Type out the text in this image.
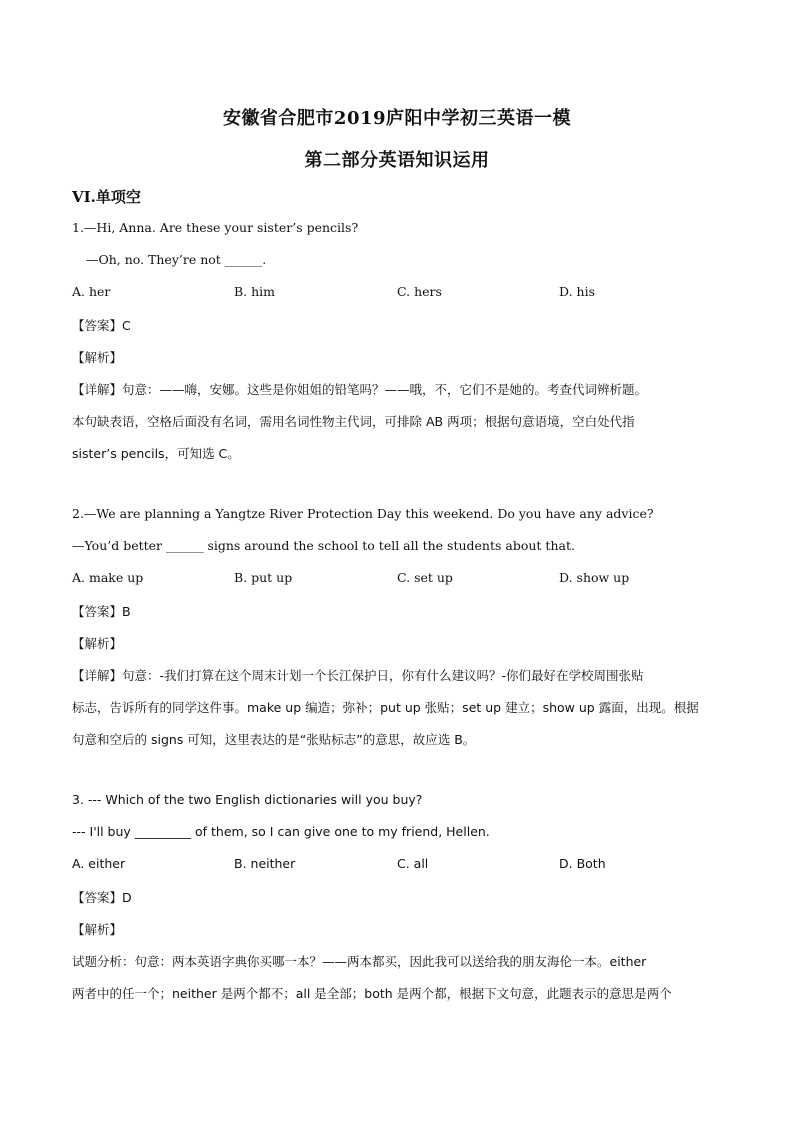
安徽省合肥市2019庐阳中学初三英语一模
第二部分英语知识运用
VI.单项空
1.—Hi, Anna. Are these your sister’s pencils?
—Oh, no. They’re not ______.
A. her	B. him	C. hers	D. his
【答案】C
【解析】
【详解】句意：——嗨，安娜。这些是你姐姐的铅笔吗？——哦，不，它们不是她的。考查代词辨析题。
本句缺表语，空格后面没有名词，需用名词性物主代词，可排除 AB 两项；根据句意语境，空白处代指
sister’s pencils，可知选 C。
2.—We are planning a Yangtze River Protection Day this weekend. Do you have any advice?
—You’d better ______ signs around the school to tell all the students about that.
A. make up	B. put up	C. set up	D. show up
【答案】B
【解析】
【详解】句意：-我们打算在这个周末计划一个长江保护日，你有什么建议吗？-你们最好在学校周围张贴
标志，告诉所有的同学这件事。make up 编造；弥补；put up 张贴；set up 建立；show up 露面，出现。根据
句意和空后的 signs 可知，这里表达的是“张贴标志”的意思，故应选 B。
3. --- Which of the two English dictionaries will you buy?
--- I'll buy _________ of them, so I can give one to my friend, Hellen.
A. either	B. neither	C. all	D. Both
【答案】D
【解析】
试题分析：句意：两本英语字典你买哪一本？——两本都买，因此我可以送给我的朋友海伦一本。either
两者中的任一个；neither 是两个都不；all 是全部；both 是两个都，根据下文句意，此题表示的意思是两个
